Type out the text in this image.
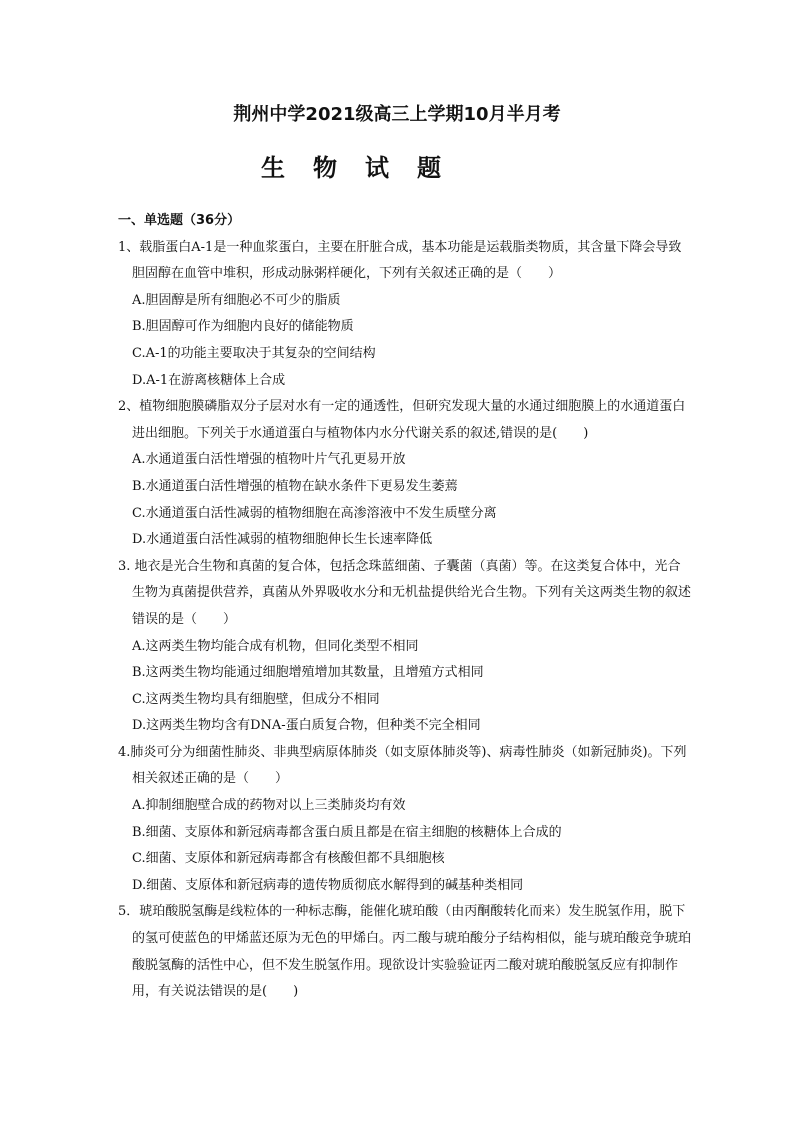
荆州中学2021级高三上学期10月半月考
生物试题
一、单选题（36分）
1、载脂蛋白A-1是一种血浆蛋白，主要在肝脏合成，基本功能是运载脂类物质，其含量下降会导致胆固醇在血管中堆积，形成动脉粥样硬化，下列有关叙述正确的是（　　）
A.胆固醇是所有细胞必不可少的脂质
B.胆固醇可作为细胞内良好的储能物质
C.A-1的功能主要取决于其复杂的空间结构
D.A-1在游离核糖体上合成
2、植物细胞膜磷脂双分子层对水有一定的通透性，但研究发现大量的水通过细胞膜上的水通道蛋白进出细胞。下列关于水通道蛋白与植物体内水分代谢关系的叙述,错误的是(　　)
A.水通道蛋白活性增强的植物叶片气孔更易开放
B.水通道蛋白活性增强的植物在缺水条件下更易发生萎蔫
C.水通道蛋白活性减弱的植物细胞在高渗溶液中不发生质壁分离
D.水通道蛋白活性减弱的植物细胞伸长生长速率降低
3. 地衣是光合生物和真菌的复合体，包括念珠蓝细菌、子囊菌（真菌）等。在这类复合体中，光合生物为真菌提供营养，真菌从外界吸收水分和无机盐提供给光合生物。下列有关这两类生物的叙述错误的是（　　）
A.这两类生物均能合成有机物，但同化类型不相同
B.这两类生物均能通过细胞增殖增加其数量，且增殖方式相同
C.这两类生物均具有细胞壁，但成分不相同
D.这两类生物均含有DNA-蛋白质复合物，但种类不完全相同
4.肺炎可分为细菌性肺炎、非典型病原体肺炎（如支原体肺炎等)、病毒性肺炎（如新冠肺炎)。下列相关叙述正确的是（　　）
A.抑制细胞壁合成的药物对以上三类肺炎均有效
B.细菌、支原体和新冠病毒都含蛋白质且都是在宿主细胞的核糖体上合成的
C.细菌、支原体和新冠病毒都含有核酸但都不具细胞核
D.细菌、支原体和新冠病毒的遗传物质彻底水解得到的碱基种类相同
5．琥珀酸脱氢酶是线粒体的一种标志酶，能催化琥珀酸（由丙酮酸转化而来）发生脱氢作用，脱下的氢可使蓝色的甲烯蓝还原为无色的甲烯白。丙二酸与琥珀酸分子结构相似，能与琥珀酸竞争琥珀酸脱氢酶的活性中心，但不发生脱氢作用。现欲设计实验验证丙二酸对琥珀酸脱氢反应有抑制作用，有关说法错误的是(　　)
